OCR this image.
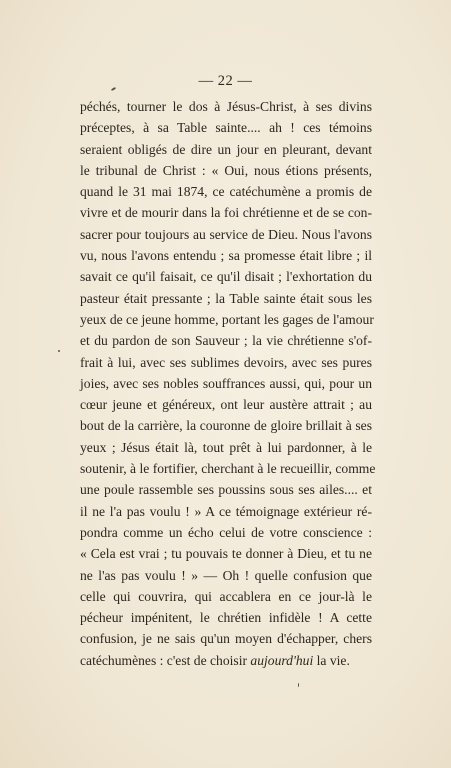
— 22 —
péchés, tourner le dos à Jésus-Christ, à ses divins
préceptes, à sa Table sainte.... ah ! ces témoins
seraient obligés de dire un jour en pleurant, devant
le tribunal de Christ : « Oui, nous étions présents,
quand le 31 mai 1874, ce catéchumène a promis de
vivre et de mourir dans la foi chrétienne et de se con-
sacrer pour toujours au service de Dieu. Nous l'avons
vu, nous l'avons entendu ; sa promesse était libre ; il
savait ce qu'il faisait, ce qu'il disait ; l'exhortation du
pasteur était pressante ; la Table sainte était sous les
yeux de ce jeune homme, portant les gages de l'amour
et du pardon de son Sauveur ; la vie chrétienne s'of-
frait à lui, avec ses sublimes devoirs, avec ses pures
joies, avec ses nobles souffrances aussi, qui, pour un
cœur jeune et généreux, ont leur austère attrait ; au
bout de la carrière, la couronne de gloire brillait à ses
yeux ; Jésus était là, tout prêt à lui pardonner, à le
soutenir, à le fortifier, cherchant à le recueillir, comme
une poule rassemble ses poussins sous ses ailes.... et
il ne l'a pas voulu ! » A ce témoignage extérieur ré-
pondra comme un écho celui de votre conscience :
« Cela est vrai ; tu pouvais te donner à Dieu, et tu ne
ne l'as pas voulu ! » — Oh ! quelle confusion que
celle qui couvrira, qui accablera en ce jour-là le
pécheur impénitent, le chrétien infidèle ! A cette
confusion, je ne sais qu'un moyen d'échapper, chers
catéchumènes : c'est de choisir aujourd'hui la vie.
